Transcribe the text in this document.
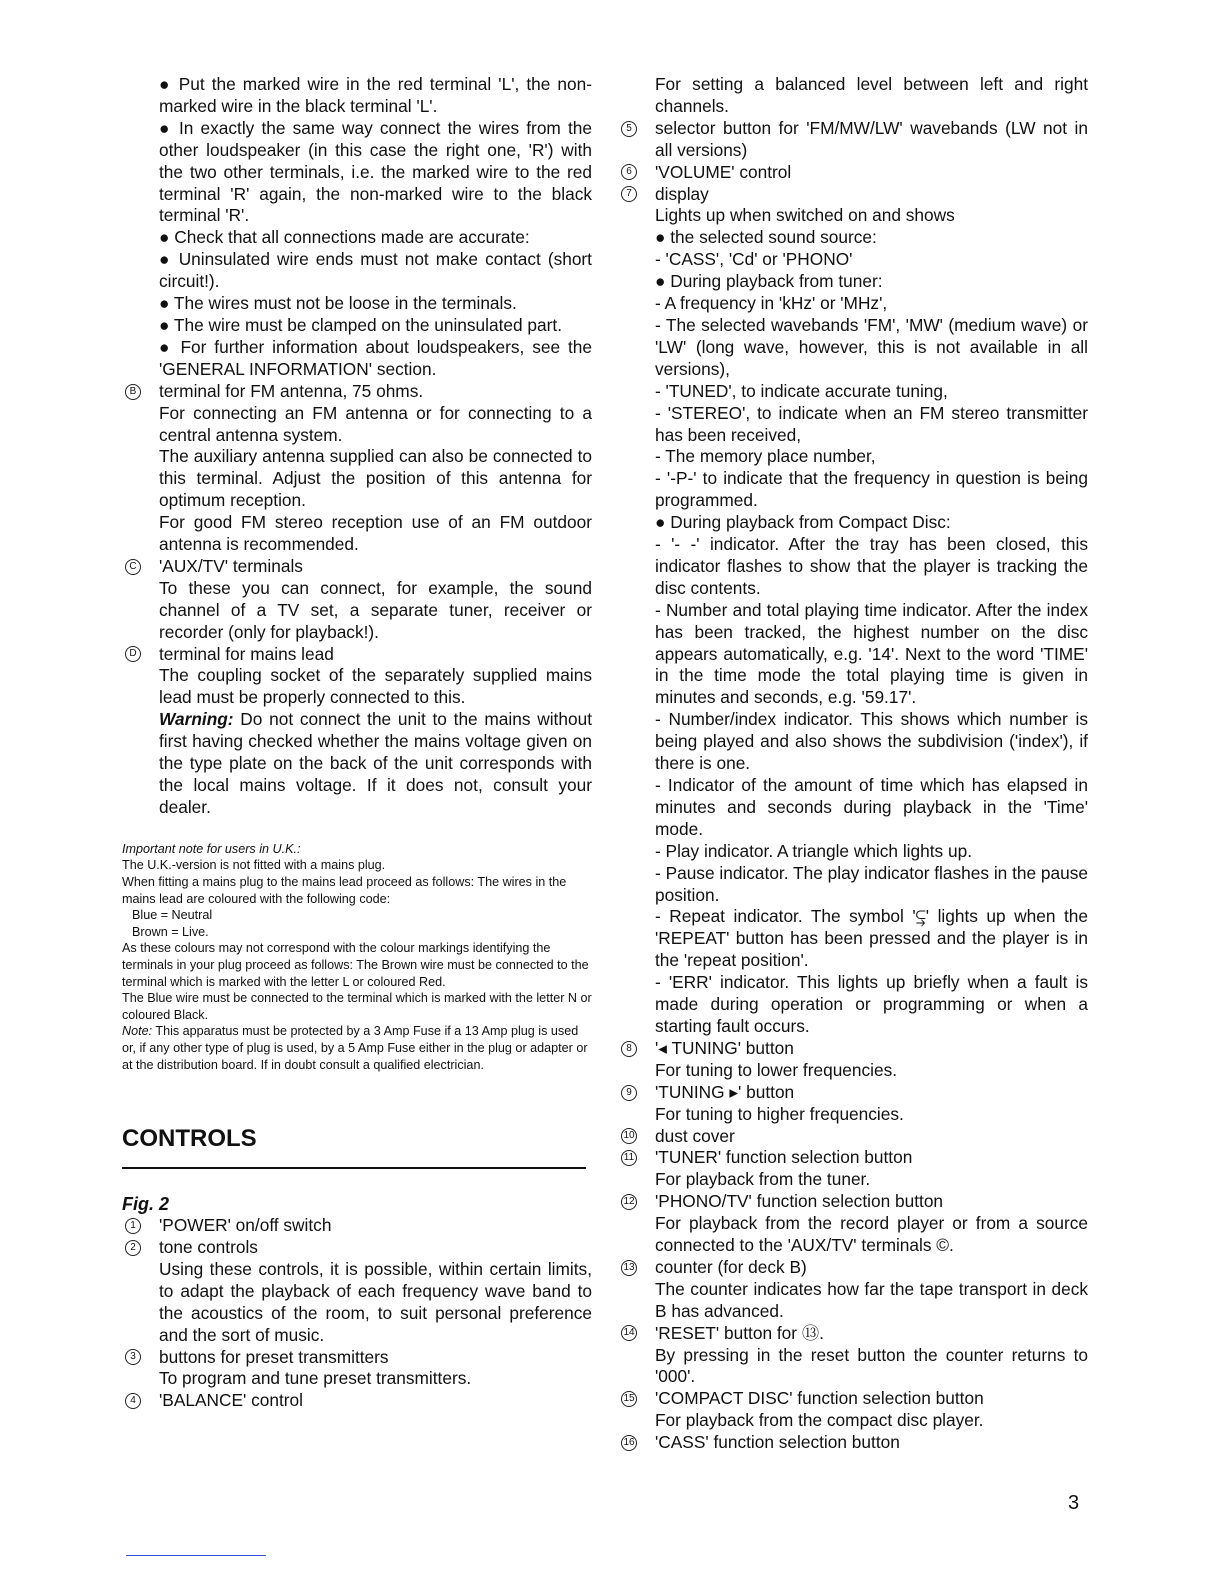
● Put the marked wire in the red terminal 'L', the non-marked wire in the black terminal 'L'.

● In exactly the same way connect the wires from the other loudspeaker (in this case the right one, 'R') with the two other terminals, i.e. the marked wire to the red terminal 'R' again, the non-marked wire to the black terminal 'R'.

● Check that all connections made are accurate:

● Uninsulated wire ends must not make contact (short circuit!).

● The wires must not be loose in the terminals.

● The wire must be clamped on the uninsulated part.

● For further information about loudspeakers, see the 'GENERAL INFORMATION' section.

B	terminal for FM antenna, 75 ohms.

For connecting an FM antenna or for connecting to a central antenna system.

The auxiliary antenna supplied can also be connected to this terminal. Adjust the position of this antenna for optimum reception.

For good FM stereo reception use of an FM outdoor antenna is recommended.

C	'AUX/TV' terminals

To these you can connect, for example, the sound channel of a TV set, a separate tuner, receiver or recorder (only for playback!).

D	terminal for mains lead

The coupling socket of the separately supplied mains lead must be properly connected to this.

Warning: Do not connect the unit to the mains without first having checked whether the mains voltage given on the type plate on the back of the unit corresponds with the local mains voltage. If it does not, consult your dealer.

Important note for users in U.K.:
The U.K.-version is not fitted with a mains plug.
When fitting a mains plug to the mains lead proceed as follows: The wires in the mains lead are coloured with the following code:
Blue = Neutral
Brown = Live.
As these colours may not correspond with the colour markings identifying the terminals in your plug proceed as follows: The Brown wire must be connected to the terminal which is marked with the letter L or coloured Red.
The Blue wire must be connected to the terminal which is marked with the letter N or coloured Black.
Note: This apparatus must be protected by a 3 Amp Fuse if a 13 Amp plug is used or, if any other type of plug is used, by a 5 Amp Fuse either in the plug or adapter or at the distribution board. If in doubt consult a qualified electrician.
CONTROLS
Fig. 2
1	'POWER' on/off switch

2	tone controls

Using these controls, it is possible, within certain limits, to adapt the playback of each frequency wave band to the acoustics of the room, to suit personal preference and the sort of music.

3	buttons for preset transmitters

To program and tune preset transmitters.

4	'BALANCE' control

For setting a balanced level between left and right channels.

5	selector button for 'FM/MW/LW' wavebands (LW not in all versions)

6	'VOLUME' control

7	display

Lights up when switched on and shows

● the selected sound source:

- 'CASS', 'Cd' or 'PHONO'

● During playback from tuner:

- A frequency in 'kHz' or 'MHz',

- The selected wavebands 'FM', 'MW' (medium wave) or 'LW' (long wave, however, this is not available in all versions),

- 'TUNED', to indicate accurate tuning,

- 'STEREO', to indicate when an FM stereo transmitter has been received,

- The memory place number,

- '-P-' to indicate that the frequency in question is being programmed.

● During playback from Compact Disc:

- '- -' indicator. After the tray has been closed, this indicator flashes to show that the player is tracking the disc contents.

- Number and total playing time indicator. After the index has been tracked, the highest number on the disc appears automatically, e.g. '14'. Next to the word 'TIME' in the time mode the total playing time is given in minutes and seconds, e.g. '59.17'.

- Number/index indicator. This shows which number is being played and also shows the subdivision ('index'), if there is one.

- Indicator of the amount of time which has elapsed in minutes and seconds during playback in the 'Time' mode.

- Play indicator. A triangle which lights up.

- Pause indicator. The play indicator flashes in the pause position.

- Repeat indicator. The symbol '⥹' lights up when the 'REPEAT' button has been pressed and the player is in the 'repeat position'.

- 'ERR' indicator. This lights up briefly when a fault is made during operation or programming or when a starting fault occurs.

8	'◂ TUNING' button

For tuning to lower frequencies.

9	'TUNING ▸' button

For tuning to higher frequencies.

10	dust cover

11	'TUNER' function selection button

For playback from the tuner.

12	'PHONO/TV' function selection button

For playback from the record player or from a source connected to the 'AUX/TV' terminals ©.

13	counter (for deck B)

The counter indicates how far the tape transport in deck B has advanced.

14	'RESET' button for ⑬.

By pressing in the reset button the counter returns to '000'.

15	'COMPACT DISC' function selection button

For playback from the compact disc player.

16	'CASS' function selection button

3
